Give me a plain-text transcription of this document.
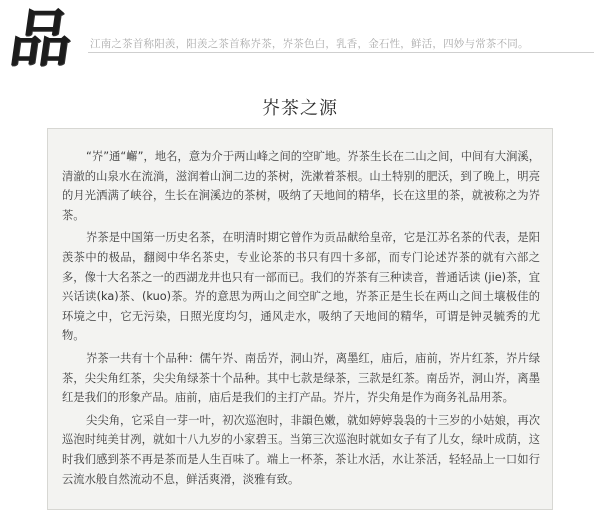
品	江南之茶首称阳羡，阳羡之茶首称岕茶，岕茶色白，乳香，金石性，鲜活，四妙与常茶不同。
岕茶之源

“岕”通“嶰”，地名，意为介于两山峰之间的空旷地。岕茶生长在二山之间，中间有大涧溪，清澈的山泉水在流淌，滋润着山涧二边的茶树，洗漱着茶根。山土特别的肥沃，到了晚上，明亮的月光洒满了峡谷，生长在涧溪边的茶树，吸纳了天地间的精华，长在这里的茶，就被称之为岕茶。

岕茶是中国第一历史名茶，在明清时期它曾作为贡品献给皇帝，它是江苏名茶的代表，是阳羡茶中的极品，翻阅中华名茶史，专业论茶的书只有四十多部，而专门论述岕茶的就有六部之多，像十大名茶之一的西湖龙井也只有一部而已。我们的岕茶有三种读音，普通话读 (jie)茶，宜兴话读(ka)茶、(kuo)茶。岕的意思为两山之间空旷之地，岕茶正是生长在两山之间土壤极佳的环境之中，它无污染，日照光度均匀，通风走水，吸纳了天地间的精华，可谓是钟灵毓秀的尤物。

岕茶一共有十个品种：儒午岕、南岳岕，洞山岕，离墨红，庙后，庙前，岕片红茶，岕片绿茶，尖尖角红茶，尖尖角绿茶十个品种。其中七款是绿茶，三款是红茶。南岳岕，洞山岕，离墨红是我们的形象产品。庙前，庙后是我们的主打产品。岕片，岕尖角是作为商务礼品用茶。

尖尖角，它采自一芽一叶，初次巡泡时，非韻色嫩，就如婷婷袅袅的十三岁的小姑娘，再次巡泡时纯美甘冽，就如十八九岁的小家碧玉。当第三次巡泡时就如女子有了儿女，绿叶成荫，这时我们感到茶不再是茶而是人生百味了。端上一杯茶，茶让水活，水让茶活，轻轻品上一口如行云流水般自然流动不息，鲜活爽滑，淡雅有致。
